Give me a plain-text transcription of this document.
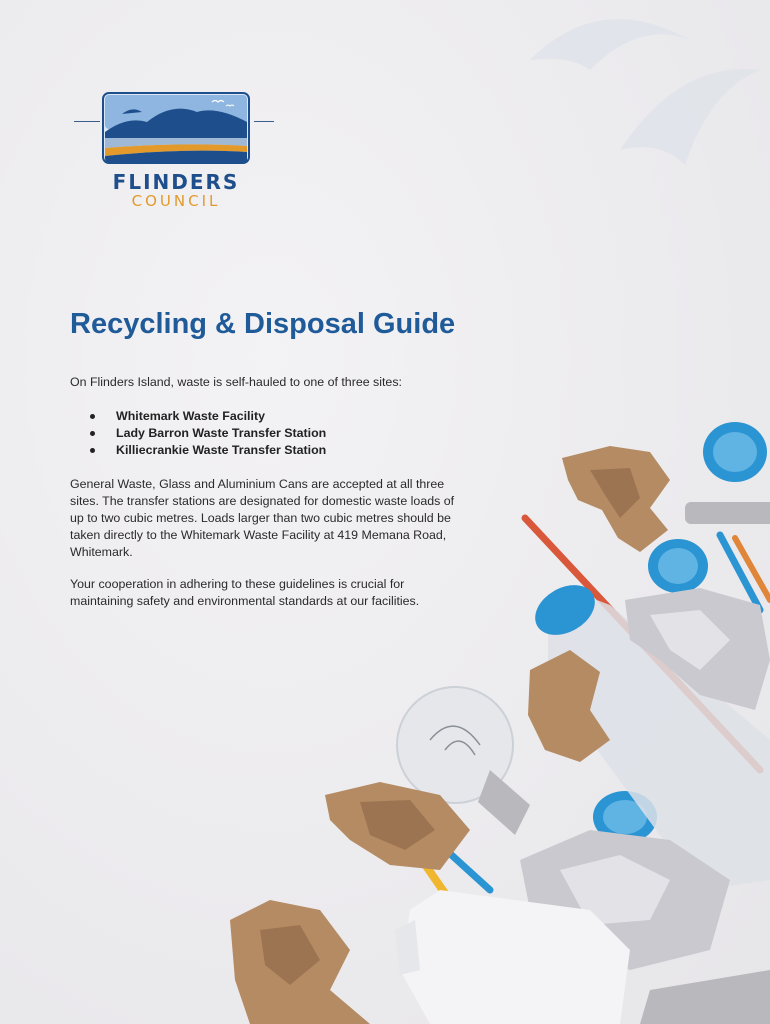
FLINDERS
COUNCIL
Recycling & Disposal Guide

On Flinders Island, waste is self-hauled to one of three sites:

Whitemark Waste Facility
Lady Barron Waste Transfer Station
Killiecrankie Waste Transfer Station

General Waste, Glass and Aluminium Cans are accepted at all three sites. The transfer stations are designated for domestic waste loads of up to two cubic metres. Loads larger than two cubic metres should be taken directly to the Whitemark Waste Facility at 419 Memana Road, Whitemark.

Your cooperation in adhering to these guidelines is crucial for maintaining safety and environmental standards at our facilities.
